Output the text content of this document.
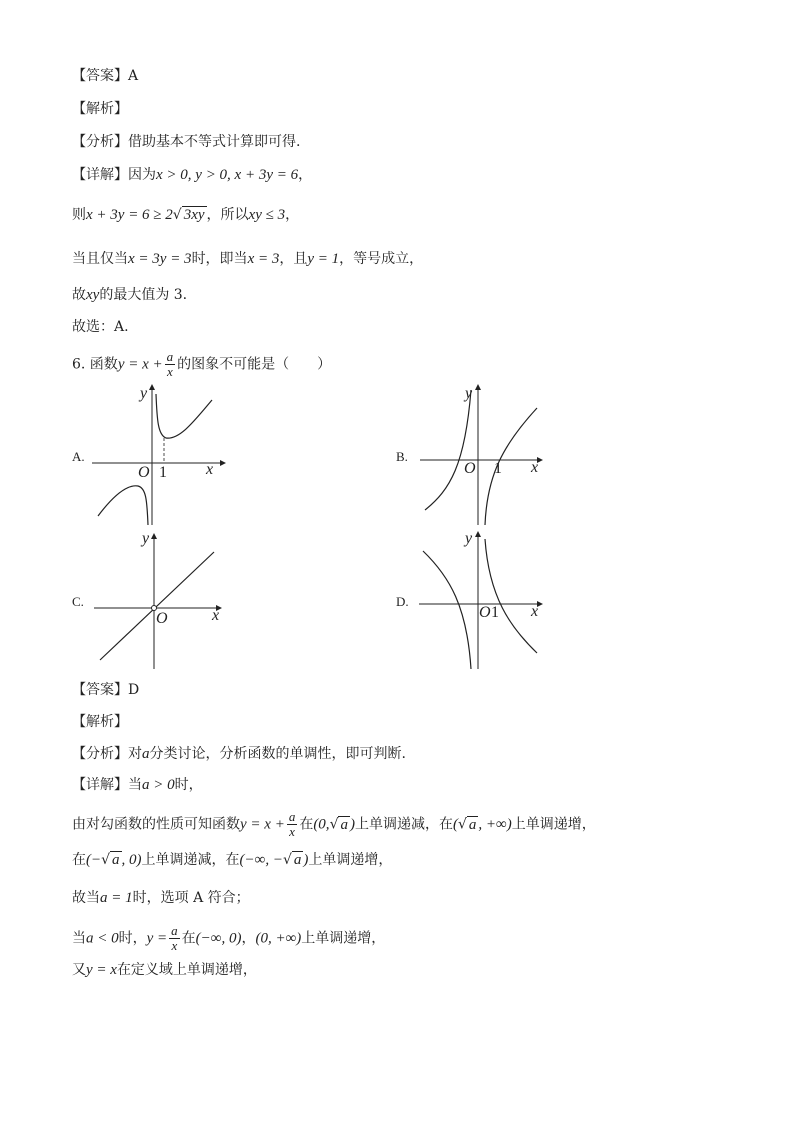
【答案】A
【解析】
【分析】借助基本不等式计算即可得.
【详解】因为x > 0, y > 0, x + 3y = 6，
则x + 3y = 6 ≥ 2√ 3xy ，所以xy ≤ 3，
当且仅当x = 3y = 3时，即当x = 3，且y = 1，等号成立，
故xy的最大值为 3.
故选：A.
6. 函数$y = x + \frac{a}{x}$ 的图象不可能是（　　）
A.	B.
C.	D.
O 1 x
y
O 1 x
y
O	x
y
O 1 x
y
【答案】D
【解析】
【分析】对a分类讨论，分析函数的单调性，即可判断.
【详解】当a > 0时，
由对勾函数的性质可知函数$y = x + \frac{a}{x}$ 在(0,√ a )上单调递减，在(√ a , +∞)上单调递增，
在(−√ a , 0)上单调递减，在(−∞, −√ a )上单调递增，
故当a = 1时，选项 A 符合；
当a < 0时，$y = \frac{a}{x}$ 在(−∞, 0)，(0, +∞)上单调递增，
又y = x在定义域上单调递增，
